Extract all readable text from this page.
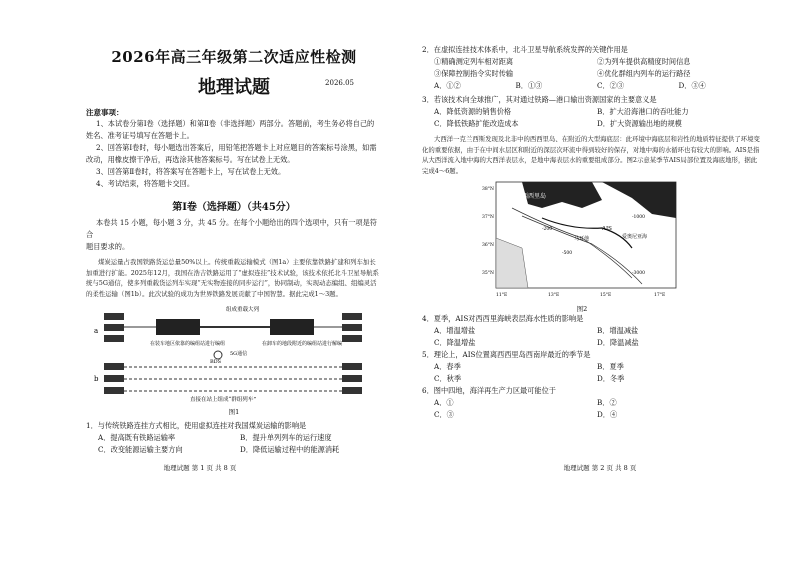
2026年高三年级第二次适应性检测
地理试题	2026.05
注意事项：

1、本试卷分第Ⅰ卷（选择题）和第Ⅱ卷（非选择题）两部分。答题前，考生务必将自己的

姓名、准考证号填写在答题卡上。

2、回答第Ⅰ卷时，每小题选出答案后，用铅笔把答题卡上对应题目的答案标号涂黑，如需

改动，用橡皮擦干净后，再选涂其他答案标号。写在试卷上无效。

3、回答第Ⅱ卷时，将答案写在答题卡上，写在试卷上无效。

4、考试结束，将答题卡交回。

第Ⅰ卷（选择题）（共45分）

本卷共 15 小题，每小题 3 分，共 45 分。在每个小题给出的四个选项中，只有一项是符合

题目要求的。

煤炭运量占我国铁路货运总量50%以上。传统重载运输模式（图1a）主要依靠铁路扩建和列车加长加重进行扩能。2025年12月，我国在浩吉铁路运用了“虚拟连挂”技术试验，该技术依托北斗卫星导航系统与5G通信，使多列重载货运列车实现“无实物连接的同步运行”，协同制动，实现动态编组、组编灵活的柔性运输（图1b）。此次试验的成功为世界铁路发展贡献了中国智慧。据此完成1～3题。

a
b
组成重载大列
在装车地区依靠的编组站进行编组	在卸车的地段附近的编组站进行解编
BDS
5G通信
直接在站上组成“群组列车”
图1
1．与传统铁路连挂方式相比，使用虚拟连挂对我国煤炭运输的影响是
A．提高既有铁路运输率	B．提升单列列车的运行速度
C．改变能源运输主要方向	D．降低运输过程中的能源消耗
地理试题 第 1 页 共 8 页
2．在虚拟连挂技术体系中，北斗卫星导航系统发挥的关键作用是
①精确测定列车相对距离	②为列车提供高精度时间信息
③保障控制指令实时传输	④优化群组内列车的运行路径
A．①②	B．①③	C．②③	D．③④
3．若该技术向全球推广，其对通过铁路—港口输出资源国家的主要意义是
A．降低资源的销售价格	B．扩大沿海港口的吞吐能力
C．降低铁路扩能改造成本	D．扩大资源输出地的规模

大西洋一克兰西斯发现及北非中的西西里岛、在附近的大型海底层：此环境中海底层和岩性的地质特征提供了环境变化的重要依据，由于在中间水层区和附近的深层次环流中得到较好的保存，对地中海的水循环也有较大的影响。AIS是指从大西洋流入地中海的大西洋表层水，是地中海表层水的重要组成部分。图2示意某季节AIS局部位置及海底地形，据此完成4～6题。

西西里岛
马耳他
AIS
爱奥尼亚海
-200
-500
-1000
-3000
38°N
37°N
36°N
35°N
11°E	13°E	15°E	17°E
图2
4．夏季，AIS对西西里海峡表层海水性质的影响是
A．增温增盐	B．增温减盐
C．降温增盐	D．降温减盐
5．理论上，AIS位置离西西里岛西南岸最近的季节是
A．春季	B．夏季
C．秋季	D．冬季
6．图中四地，海洋再生产力区最可能位于
A．①	B．②
C．③	D．④
地理试题 第 2 页 共 8 页
